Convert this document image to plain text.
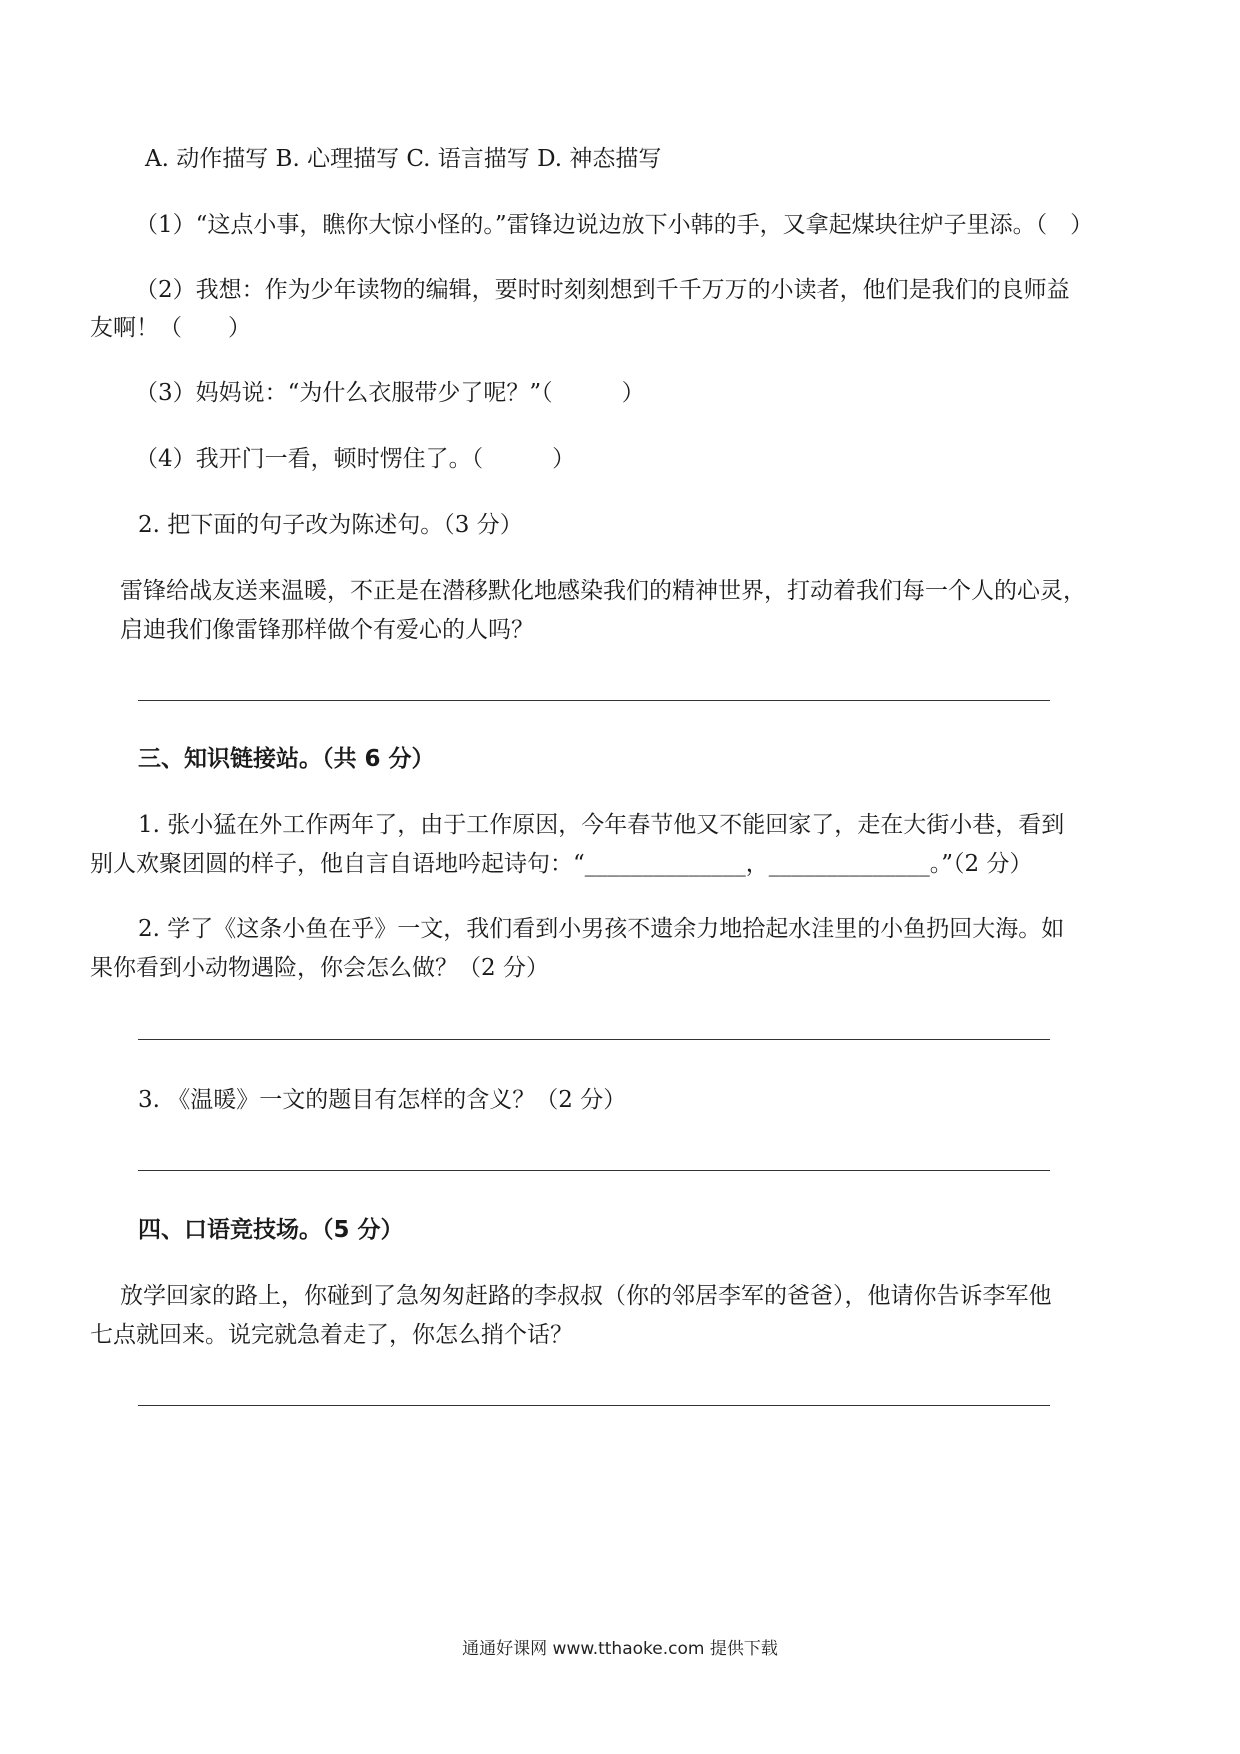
A. 动作描写 B. 心理描写 C. 语言描写 D. 神态描写
（1）“这点小事，瞧你大惊小怪的。”雷锋边说边放下小韩的手，又拿起煤块往炉子里添。（　）
（2）我想：作为少年读物的编辑，要时时刻刻想到千千万万的小读者，他们是我们的良师益
友啊！（　　）
（3）妈妈说：“为什么衣服带少了呢？”（　　　）
（4）我开门一看，顿时愣住了。（　　　）
2. 把下面的句子改为陈述句。（3 分）
雷锋给战友送来温暖，不正是在潜移默化地感染我们的精神世界，打动着我们每一个人的心灵，
启迪我们像雷锋那样做个有爱心的人吗？
三、知识链接站。（共 6 分）
1. 张小猛在外工作两年了，由于工作原因，今年春节他又不能回家了，走在大街小巷，看到
别人欢聚团圆的样子，他自言自语地吟起诗句：“______________，______________。”（2 分）
2. 学了《这条小鱼在乎》一文，我们看到小男孩不遗余力地拾起水洼里的小鱼扔回大海。如
果你看到小动物遇险，你会怎么做？（2 分）
3. 《温暖》一文的题目有怎样的含义？（2 分）
四、口语竞技场。（5 分）
放学回家的路上，你碰到了急匆匆赶路的李叔叔（你的邻居李军的爸爸），他请你告诉李军他
七点就回来。说完就急着走了，你怎么捎个话？
通通好课网 www.tthaoke.com 提供下载
